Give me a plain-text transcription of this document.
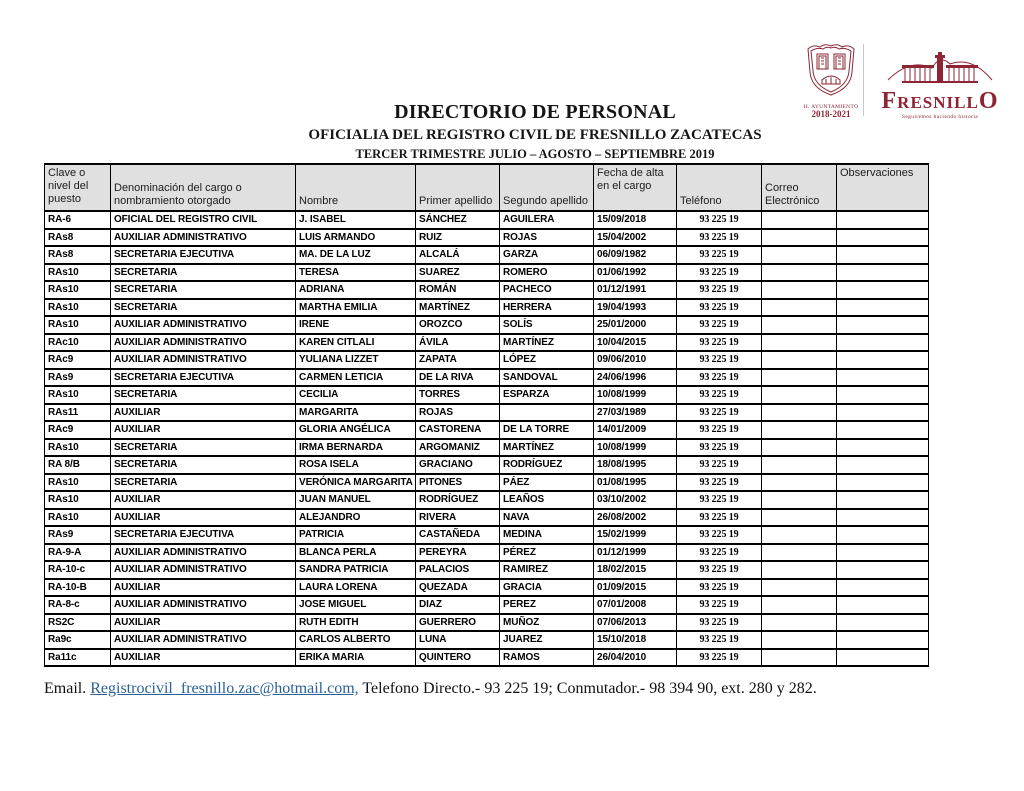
DIRECTORIO DE PERSONAL
OFICIALIA DEL REGISTRO CIVIL DE FRESNILLO ZACATECAS
TERCER TRIMESTRE JULIO – AGOSTO – SEPTIEMBRE 2019
H. AYUNTAMIENTO
2018-2021	FRESNILLO
Seguiremos haciendo historia
Clave o nivel del puesto	Denominación del cargo o nombramiento otorgado	Nombre	Primer apellido	Segundo apellido	Fecha de alta en el cargo	Teléfono	Correo Electrónico	Observaciones
RA-6	OFICIAL DEL REGISTRO CIVIL	J. ISABEL	SÁNCHEZ	AGUILERA	15/09/2018	93 225 19		
RAs8	AUXILIAR ADMINISTRATIVO	LUIS ARMANDO	RUIZ	ROJAS	15/04/2002	93 225 19		
RAs8	SECRETARIA EJECUTIVA	MA. DE LA LUZ	ALCALÁ	GARZA	06/09/1982	93 225 19		
RAs10	SECRETARIA	TERESA	SUAREZ	ROMERO	01/06/1992	93 225 19		
RAs10	SECRETARIA	ADRIANA	ROMÁN	PACHECO	01/12/1991	93 225 19		
RAs10	SECRETARIA	MARTHA EMILIA	MARTÍNEZ	HERRERA	19/04/1993	93 225 19		
RAs10	AUXILIAR ADMINISTRATIVO	IRENE	OROZCO	SOLÍS	25/01/2000	93 225 19		
RAc10	AUXILIAR ADMINISTRATIVO	KAREN CITLALI	ÁVILA	MARTÍNEZ	10/04/2015	93 225 19		
RAc9	AUXILIAR ADMINISTRATIVO	YULIANA LIZZET	ZAPATA	LÓPEZ	09/06/2010	93 225 19		
RAs9	SECRETARIA EJECUTIVA	CARMEN LETICIA	DE LA RIVA	SANDOVAL	24/06/1996	93 225 19		
RAs10	SECRETARIA	CECILIA	TORRES	ESPARZA	10/08/1999	93 225 19		
RAs11	AUXILIAR	MARGARITA	ROJAS		27/03/1989	93 225 19		
RAc9	AUXILIAR	GLORIA ANGÉLICA	CASTORENA	DE LA TORRE	14/01/2009	93 225 19		
RAs10	SECRETARIA	IRMA BERNARDA	ARGOMANIZ	MARTÍNEZ	10/08/1999	93 225 19		
RA 8/B	SECRETARIA	ROSA ISELA	GRACIANO	RODRÍGUEZ	18/08/1995	93 225 19		
RAs10	SECRETARIA	VERÓNICA MARGARITA	PITONES	PÁEZ	01/08/1995	93 225 19		
RAs10	AUXILIAR	JUAN MANUEL	RODRÍGUEZ	LEAÑOS	03/10/2002	93 225 19		
RAs10	AUXILIAR	ALEJANDRO	RIVERA	NAVA	26/08/2002	93 225 19		
RAs9	SECRETARIA EJECUTIVA	PATRICIA	CASTAÑEDA	MEDINA	15/02/1999	93 225 19		
RA-9-A	AUXILIAR ADMINISTRATIVO	BLANCA PERLA	PEREYRA	PÉREZ	01/12/1999	93 225 19		
RA-10-c	AUXILIAR ADMINISTRATIVO	SANDRA PATRICIA	PALACIOS	RAMIREZ	18/02/2015	93 225 19		
RA-10-B	AUXILIAR	LAURA LORENA	QUEZADA	GRACIA	01/09/2015	93 225 19		
RA-8-c	AUXILIAR ADMINISTRATIVO	JOSE MIGUEL	DIAZ	PEREZ	07/01/2008	93 225 19		
RS2C	AUXILIAR	RUTH EDITH	GUERRERO	MUÑOZ	07/06/2013	93 225 19		
Ra9c	AUXILIAR ADMINISTRATIVO	CARLOS ALBERTO	LUNA	JUAREZ	15/10/2018	93 225 19		
Ra11c	AUXILIAR	ERIKA MARIA	QUINTERO	RAMOS	26/04/2010	93 225 19		
Email. Registrocivil_fresnillo.zac@hotmail.com, Telefono Directo.- 93 225 19; Conmutador.- 98 394 90, ext. 280 y 282.
